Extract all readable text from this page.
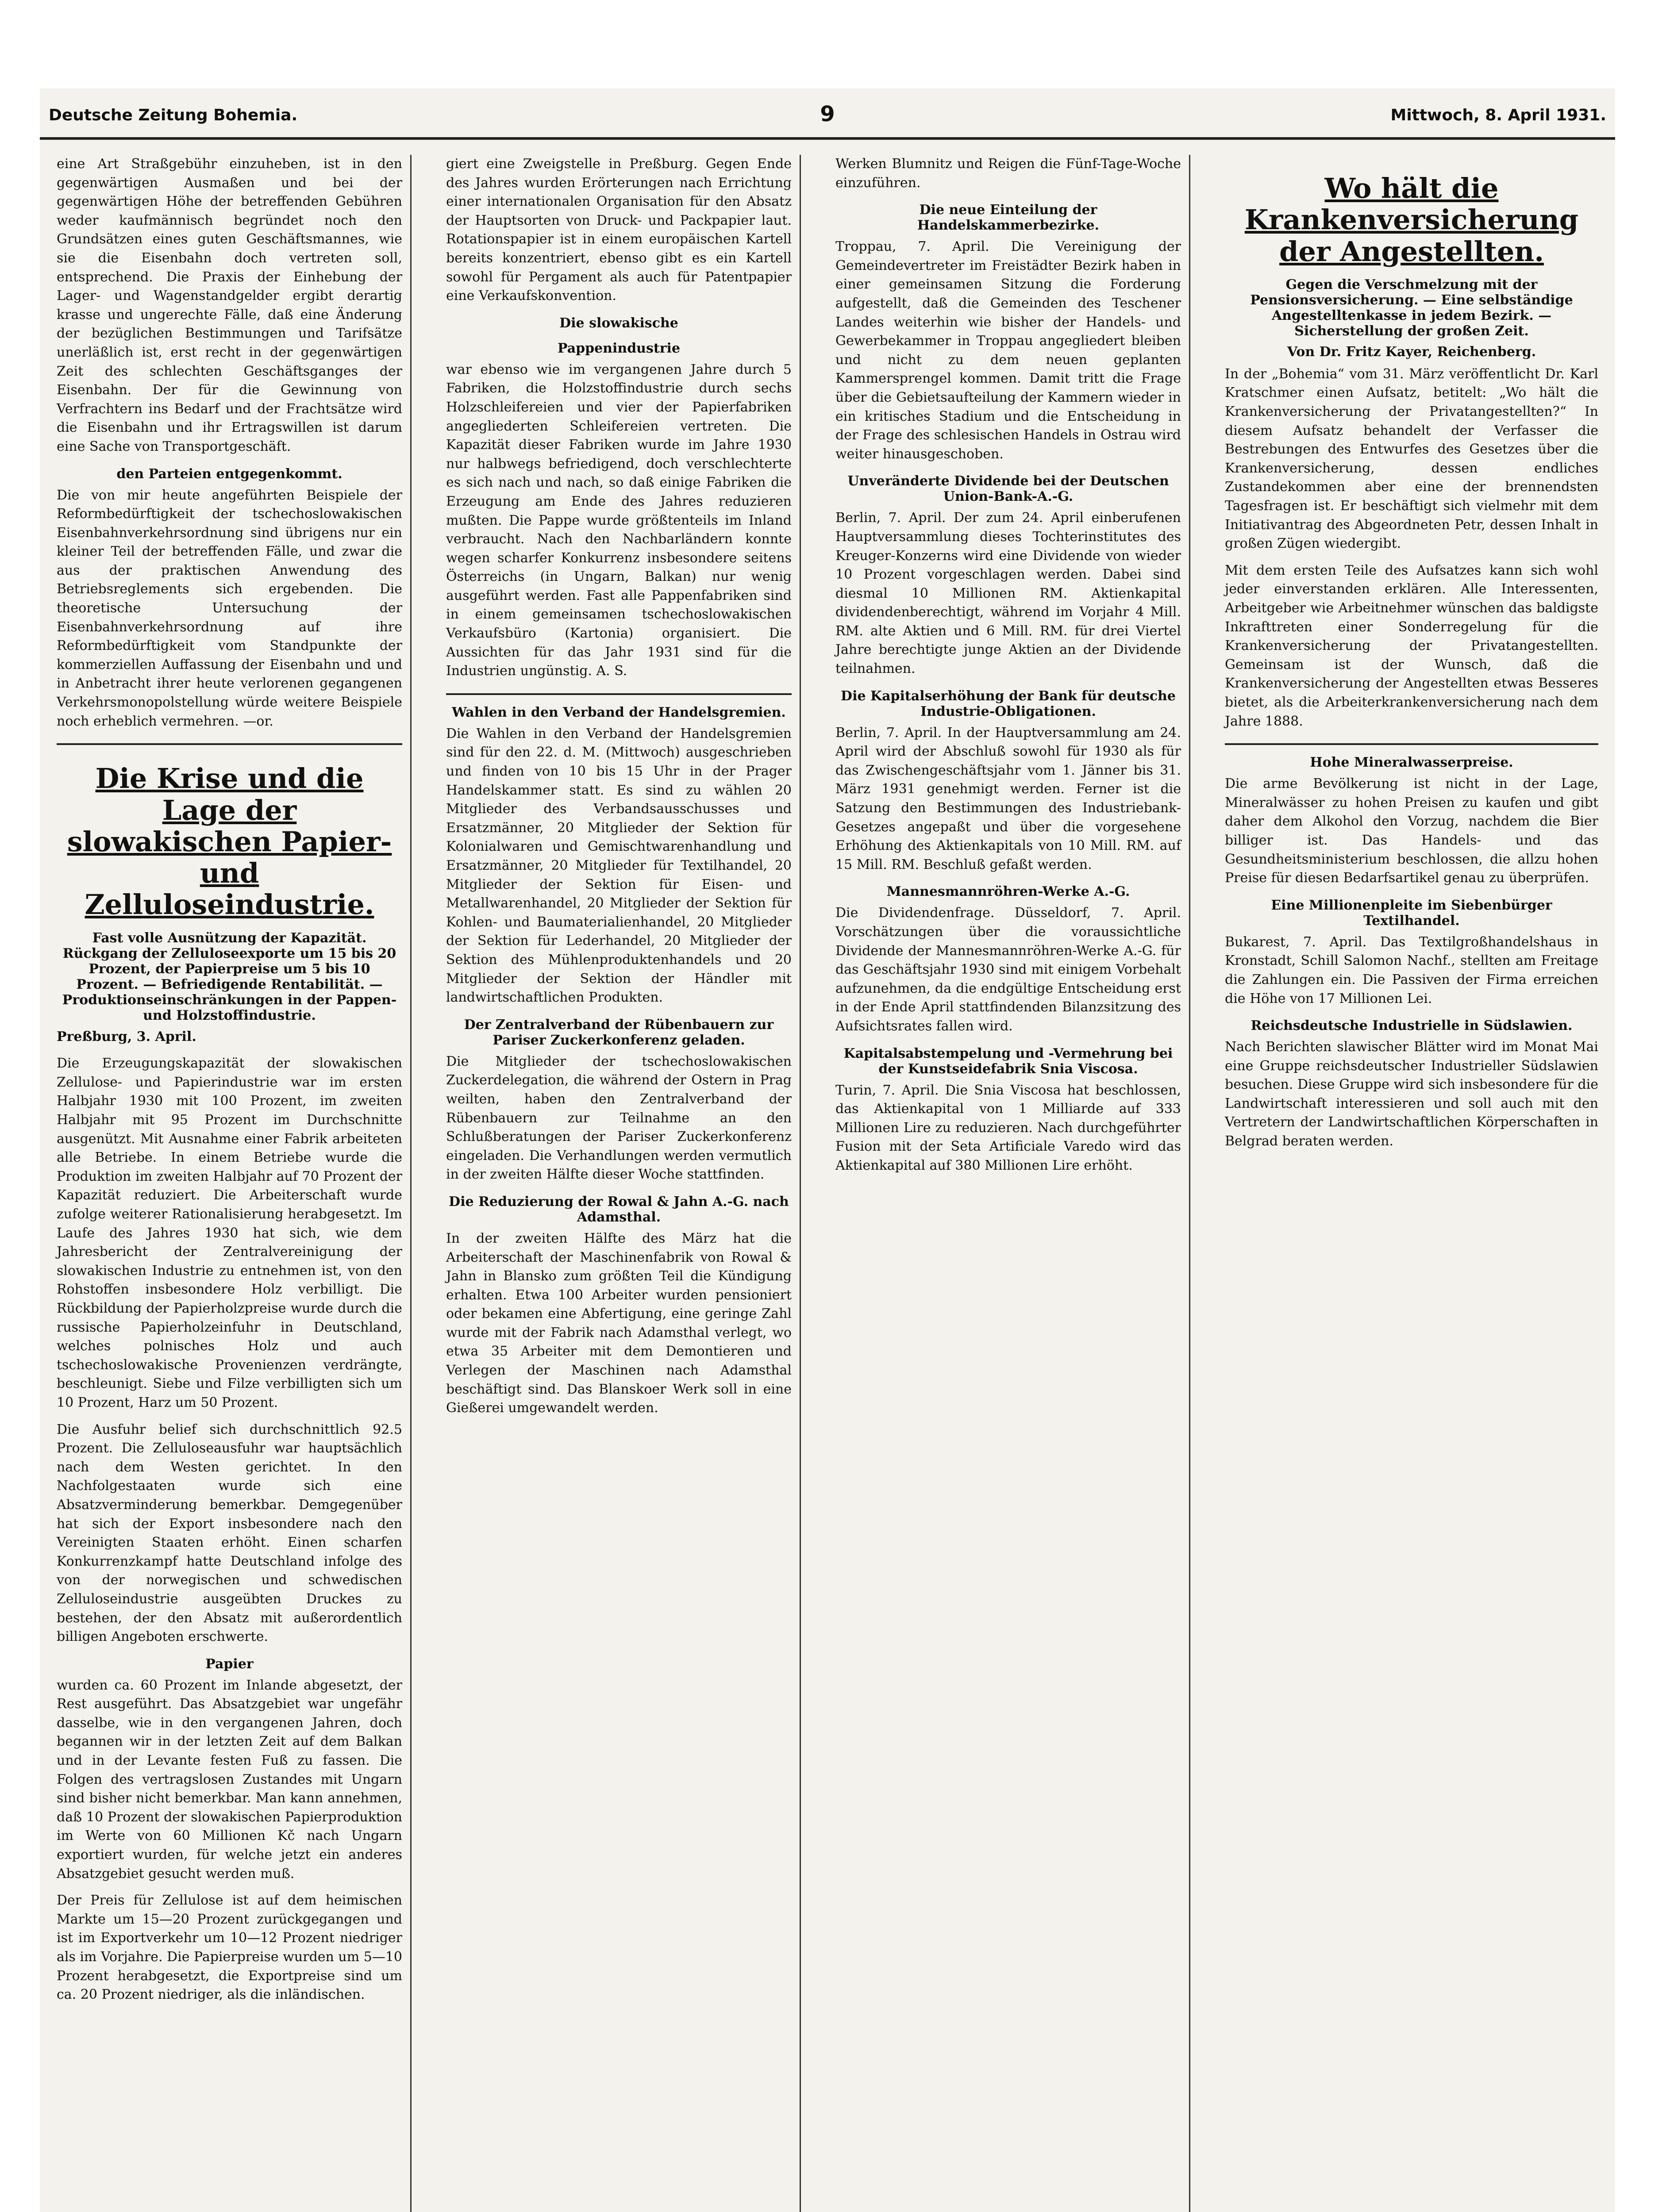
Deutsche Zeitung Bohemia.	9	Mittwoch, 8. April 1931.

eine Art Straßgebühr einzuheben, ist in den gegenwärtigen Ausmaßen und bei der gegenwärtigen Höhe der betreffenden Gebühren weder kaufmännisch begründet noch den Grundsätzen eines guten Geschäftsmannes, wie sie die Eisenbahn doch vertreten soll, entsprechend. Die Praxis der Einhebung der Lager- und Wagenstandgelder ergibt derartig krasse und ungerechte Fälle, daß eine Änderung der bezüglichen Bestimmungen und Tarifsätze unerläßlich ist, erst recht in der gegenwärtigen Zeit des schlechten Geschäftsganges der Eisenbahn. Der für die Gewinnung von Verfrachtern ins Bedarf und der Frachtsätze wird die Eisenbahn und ihr Ertragswillen ist darum eine Sache von Transportgeschäft.

den Parteien entgegenkommt.

Die von mir heute angeführten Beispiele der Reformbedürftigkeit der tschechoslowakischen Eisenbahnverkehrsordnung sind übrigens nur ein kleiner Teil der betreffenden Fälle, und zwar die aus der praktischen Anwendung des Betriebsreglements sich ergebenden. Die theoretische Untersuchung der Eisenbahnverkehrsordnung auf ihre Reformbedürftigkeit vom Standpunkte der kommerziellen Auffassung der Eisenbahn und und in Anbetracht ihrer heute verlorenen gegangenen Verkehrsmonopolstellung würde weitere Beispiele noch erheblich vermehren. —or.

Die Krise und die Lage der slowakischen Papier- und Zelluloseindustrie.

Fast volle Ausnützung der Kapazität. Rückgang der Zelluloseexporte um 15 bis 20 Prozent, der Papierpreise um 5 bis 10 Prozent. — Befriedigende Rentabilität. — Produktionseinschränkungen in der Pappen- und Holzstoffindustrie.

Preßburg, 3. April.

Die Erzeugungskapazität der slowakischen Zellulose- und Papierindustrie war im ersten Halbjahr 1930 mit 100 Prozent, im zweiten Halbjahr mit 95 Prozent im Durchschnitte ausgenützt. Mit Ausnahme einer Fabrik arbeiteten alle Betriebe. In einem Betriebe wurde die Produktion im zweiten Halbjahr auf 70 Prozent der Kapazität reduziert. Die Arbeiterschaft wurde zufolge weiterer Rationalisierung herabgesetzt. Im Laufe des Jahres 1930 hat sich, wie dem Jahresbericht der Zentralvereinigung der slowakischen Industrie zu entnehmen ist, von den Rohstoffen insbesondere Holz verbilligt. Die Rückbildung der Papierholzpreise wurde durch die russische Papierholzeinfuhr in Deutschland, welches polnisches Holz und auch tschechoslowakische Provenienzen verdrängte, beschleunigt. Siebe und Filze verbilligten sich um 10 Prozent, Harz um 50 Prozent.

Die Ausfuhr belief sich durchschnittlich 92.5 Prozent. Die Zelluloseausfuhr war hauptsächlich nach dem Westen gerichtet. In den Nachfolgestaaten wurde sich eine Absatzverminderung bemerkbar. Demgegenüber hat sich der Export insbesondere nach den Vereinigten Staaten erhöht. Einen scharfen Konkurrenzkampf hatte Deutschland infolge des von der norwegischen und schwedischen Zelluloseindustrie ausgeübten Druckes zu bestehen, der den Absatz mit außerordentlich billigen Angeboten erschwerte.

Papier

wurden ca. 60 Prozent im Inlande abgesetzt, der Rest ausgeführt. Das Absatzgebiet war ungefähr dasselbe, wie in den vergangenen Jahren, doch begannen wir in der letzten Zeit auf dem Balkan und in der Levante festen Fuß zu fassen. Die Folgen des vertragslosen Zustandes mit Ungarn sind bisher nicht bemerkbar. Man kann annehmen, daß 10 Prozent der slowakischen Papierproduktion im Werte von 60 Millionen Kč nach Ungarn exportiert wurden, für welche jetzt ein anderes Absatzgebiet gesucht werden muß.

Der Preis für Zellulose ist auf dem heimischen Markte um 15—20 Prozent zurückgegangen und ist im Exportverkehr um 10—12 Prozent niedriger als im Vorjahre. Die Papierpreise wurden um 5—10 Prozent herabgesetzt, die Exportpreise sind um ca. 20 Prozent niedriger, als die inländischen.

giert eine Zweigstelle in Preßburg. Gegen Ende des Jahres wurden Erörterungen nach Errichtung einer internationalen Organisation für den Absatz der Hauptsorten von Druck- und Packpapier laut. Rotationspapier ist in einem europäischen Kartell bereits konzentriert, ebenso gibt es ein Kartell sowohl für Pergament als auch für Patentpapier eine Verkaufskonvention.

Die slowakische

Pappenindustrie

war ebenso wie im vergangenen Jahre durch 5 Fabriken, die Holzstoffindustrie durch sechs Holzschleifereien und vier der Papierfabriken angegliederten Schleifereien vertreten. Die Kapazität dieser Fabriken wurde im Jahre 1930 nur halbwegs befriedigend, doch verschlechterte es sich nach und nach, so daß einige Fabriken die Erzeugung am Ende des Jahres reduzieren mußten. Die Pappe wurde größtenteils im Inland verbraucht. Nach den Nachbarländern konnte wegen scharfer Konkurrenz insbesondere seitens Österreichs (in Ungarn, Balkan) nur wenig ausgeführt werden. Fast alle Pappenfabriken sind in einem gemeinsamen tschechoslowakischen Verkaufsbüro (Kartonia) organisiert. Die Aussichten für das Jahr 1931 sind für die Industrien ungünstig. A. S.

Wahlen in den Verband der Handelsgremien.

Die Wahlen in den Verband der Handelsgremien sind für den 22. d. M. (Mittwoch) ausgeschrieben und finden von 10 bis 15 Uhr in der Prager Handelskammer statt. Es sind zu wählen 20 Mitglieder des Verbandsausschusses und Ersatzmänner, 20 Mitglieder der Sektion für Kolonialwaren und Gemischtwarenhandlung und Ersatzmänner, 20 Mitglieder für Textilhandel, 20 Mitglieder der Sektion für Eisen- und Metallwarenhandel, 20 Mitglieder der Sektion für Kohlen- und Baumaterialienhandel, 20 Mitglieder der Sektion für Lederhandel, 20 Mitglieder der Sektion des Mühlenproduktenhandels und 20 Mitglieder der Sektion der Händler mit landwirtschaftlichen Produkten.

Der Zentralverband der Rübenbauern zur Pariser Zuckerkonferenz geladen.

Die Mitglieder der tschechoslowakischen Zuckerdelegation, die während der Ostern in Prag weilten, haben den Zentralverband der Rübenbauern zur Teilnahme an den Schlußberatungen der Pariser Zuckerkonferenz eingeladen. Die Verhandlungen werden vermutlich in der zweiten Hälfte dieser Woche stattfinden.

Die Reduzierung der Rowal & Jahn A.-G. nach Adamsthal.

In der zweiten Hälfte des März hat die Arbeiterschaft der Maschinenfabrik von Rowal & Jahn in Blansko zum größten Teil die Kündigung erhalten. Etwa 100 Arbeiter wurden pensioniert oder bekamen eine Abfertigung, eine geringe Zahl wurde mit der Fabrik nach Adamsthal verlegt, wo etwa 35 Arbeiter mit dem Demontieren und Verlegen der Maschinen nach Adamsthal beschäftigt sind. Das Blanskoer Werk soll in eine Gießerei umgewandelt werden.

Werken Blumnitz und Reigen die Fünf-Tage-Woche einzuführen.

Die neue Einteilung der Handelskammerbezirke.

Troppau, 7. April. Die Vereinigung der Gemeindevertreter im Freistädter Bezirk haben in einer gemeinsamen Sitzung die Forderung aufgestellt, daß die Gemeinden des Teschener Landes weiterhin wie bisher der Handels- und Gewerbekammer in Troppau angegliedert bleiben und nicht zu dem neuen geplanten Kammersprengel kommen. Damit tritt die Frage über die Gebietsaufteilung der Kammern wieder in ein kritisches Stadium und die Entscheidung in der Frage des schlesischen Handels in Ostrau wird weiter hinausgeschoben.

Unveränderte Dividende bei der Deutschen Union-Bank-A.-G.

Berlin, 7. April. Der zum 24. April einberufenen Hauptversammlung dieses Tochterinstitutes des Kreuger-Konzerns wird eine Dividende von wieder 10 Prozent vorgeschlagen werden. Dabei sind diesmal 10 Millionen RM. Aktienkapital dividendenberechtigt, während im Vorjahr 4 Mill. RM. alte Aktien und 6 Mill. RM. für drei Viertel Jahre berechtigte junge Aktien an der Dividende teilnahmen.

Die Kapitalserhöhung der Bank für deutsche Industrie-Obligationen.

Berlin, 7. April. In der Hauptversammlung am 24. April wird der Abschluß sowohl für 1930 als für das Zwischengeschäftsjahr vom 1. Jänner bis 31. März 1931 genehmigt werden. Ferner ist die Satzung den Bestimmungen des Industriebank-Gesetzes angepaßt und über die vorgesehene Erhöhung des Aktienkapitals von 10 Mill. RM. auf 15 Mill. RM. Beschluß gefaßt werden.

Mannesmannröhren-Werke A.-G.

Die Dividendenfrage. Düsseldorf, 7. April. Vorschätzungen über die voraussichtliche Dividende der Mannesmannröhren-Werke A.-G. für das Geschäftsjahr 1930 sind mit einigem Vorbehalt aufzunehmen, da die endgültige Entscheidung erst in der Ende April stattfindenden Bilanzsitzung des Aufsichtsrates fallen wird.

Kapitalsabstempelung und -Vermehrung bei der Kunstseidefabrik Snia Viscosa.

Turin, 7. April. Die Snia Viscosa hat beschlossen, das Aktienkapital von 1 Milliarde auf 333 Millionen Lire zu reduzieren. Nach durchgeführter Fusion mit der Seta Artificiale Varedo wird das Aktienkapital auf 380 Millionen Lire erhöht.

Wo hält die Krankenversicherung der Angestellten.

Gegen die Verschmelzung mit der Pensionsversicherung. — Eine selbständige Angestelltenkasse in jedem Bezirk. — Sicherstellung der großen Zeit.

Von Dr. Fritz Kayer, Reichenberg.

In der „Bohemia“ vom 31. März veröffentlicht Dr. Karl Kratschmer einen Aufsatz, betitelt: „Wo hält die Krankenversicherung der Privatangestellten?“ In diesem Aufsatz behandelt der Verfasser die Bestrebungen des Entwurfes des Gesetzes über die Krankenversicherung, dessen endliches Zustandekommen aber eine der brennendsten Tagesfragen ist. Er beschäftigt sich vielmehr mit dem Initiativantrag des Abgeordneten Petr, dessen Inhalt in großen Zügen wiedergibt.

Mit dem ersten Teile des Aufsatzes kann sich wohl jeder einverstanden erklären. Alle Interessenten, Arbeitgeber wie Arbeitnehmer wünschen das baldigste Inkrafttreten einer Sonderregelung für die Krankenversicherung der Privatangestellten. Gemeinsam ist der Wunsch, daß die Krankenversicherung der Angestellten etwas Besseres bietet, als die Arbeiterkrankenversicherung nach dem Jahre 1888.

Hohe Mineralwasserpreise.

Die arme Bevölkerung ist nicht in der Lage, Mineralwässer zu hohen Preisen zu kaufen und gibt daher dem Alkohol den Vorzug, nachdem die Bier billiger ist. Das Handels- und das Gesundheitsministerium beschlossen, die allzu hohen Preise für diesen Bedarfsartikel genau zu überprüfen.

Eine Millionenpleite im Siebenbürger Textilhandel.

Bukarest, 7. April. Das Textilgroßhandelshaus in Kronstadt, Schill Salomon Nachf., stellten am Freitage die Zahlungen ein. Die Passiven der Firma erreichen die Höhe von 17 Millionen Lei.

Reichsdeutsche Industrielle in Südslawien.

Nach Berichten slawischer Blätter wird im Monat Mai eine Gruppe reichsdeutscher Industrieller Südslawien besuchen. Diese Gruppe wird sich insbesondere für die Landwirtschaft interessieren und soll auch mit den Vertretern der Landwirtschaftlichen Körperschaften in Belgrad beraten werden.
